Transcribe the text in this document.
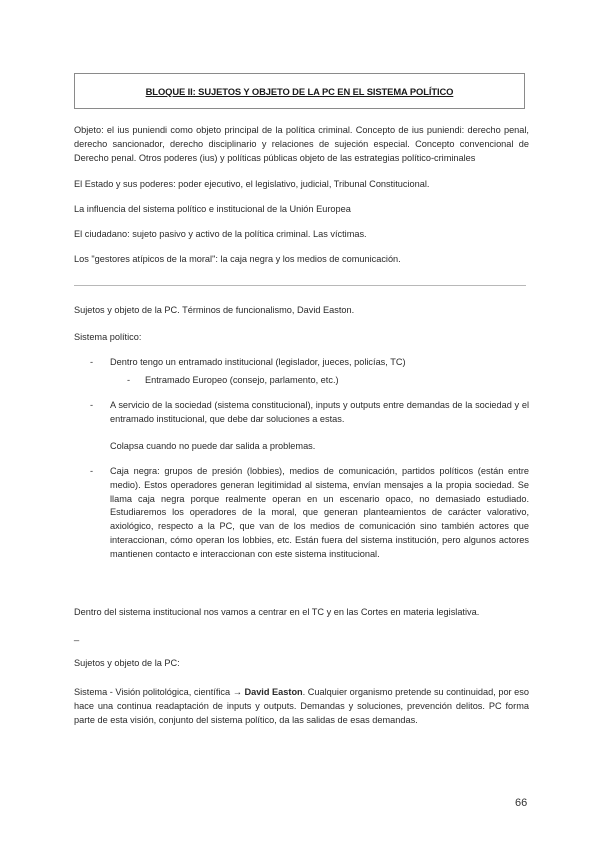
BLOQUE II: SUJETOS Y OBJETO DE LA PC EN EL SISTEMA POLÍTICO
Objeto: el ius puniendi como objeto principal de la política criminal. Concepto de ius puniendi: derecho penal, derecho sancionador, derecho disciplinario y relaciones de sujeción especial. Concepto convencional de Derecho penal. Otros poderes (ius) y políticas públicas objeto de las estrategias político-criminales
El Estado y sus poderes: poder ejecutivo, el legislativo, judicial, Tribunal Constitucional.
La influencia del sistema político e institucional de la Unión Europea
El ciudadano: sujeto pasivo y activo de la política criminal. Las víctimas.
Los "gestores atípicos de la moral": la caja negra y los medios de comunicación.
Sujetos y objeto de la PC. Términos de funcionalismo, David Easton.
Sistema político:
- Dentro tengo un entramado institucional (legislador, jueces, policías, TC)
- Entramado Europeo (consejo, parlamento, etc.)
- A servicio de la sociedad (sistema constitucional), inputs y outputs entre demandas de la sociedad y el entramado institucional, que debe dar soluciones a estas.
Colapsa cuando no puede dar salida a problemas.
- Caja negra: grupos de presión (lobbies), medios de comunicación, partidos políticos (están entre medio). Estos operadores generan legitimidad al sistema, envían mensajes a la propia sociedad. Se llama caja negra porque realmente operan en un escenario opaco, no demasiado estudiado. Estudiaremos los operadores de la moral, que generan planteamientos de carácter valorativo, axiológico, respecto a la PC, que van de los medios de comunicación sino también actores que interaccionan, cómo operan los lobbies, etc. Están fuera del sistema institución, pero algunos actores mantienen contacto e interaccionan con este sistema institucional.
Dentro del sistema institucional nos vamos a centrar en el TC y en las Cortes en materia legislativa.
_
Sujetos y objeto de la PC:
Sistema - Visión politológica, científica → David Easton. Cualquier organismo pretende su continuidad, por eso hace una continua readaptación de inputs y outputs. Demandas y soluciones, prevención delitos. PC forma parte de esta visión, conjunto del sistema político, da las salidas de esas demandas.
66
